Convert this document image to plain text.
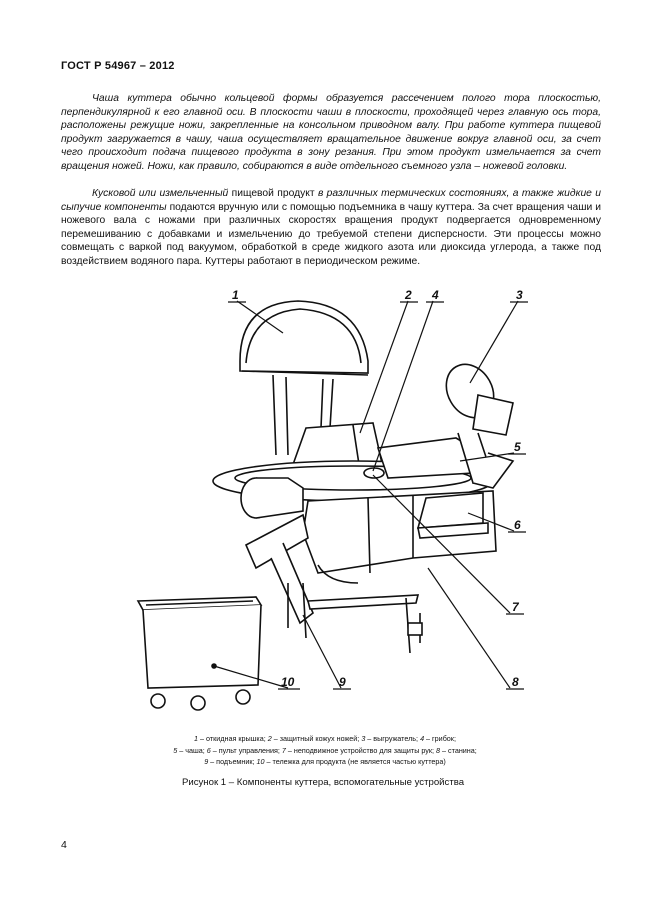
ГОСТ Р 54967 – 2012
Чаша куттера обычно кольцевой формы образуется рассечением полого тора плоскостью, перпендикулярной к его главной оси. В плоскости чаши в плоскости, проходящей через главную ось тора, расположены режущие ножи, закрепленные на консольном приводном валу. При работе куттера пищевой продукт загружается в чашу, чаша осуществляет вращательное движение вокруг главной оси, за счет чего происходит подача пищевого продукта в зону резания. При этом продукт измельчается за счет вращения ножей. Ножи, как правило, собираются в виде отдельного съемного узла – ножевой головки.
Кусковой или измельченный пищевой продукт в различных термических состояниях, а также жидкие и сыпучие компоненты подаются вручную или с помощью подъемника в чашу куттера. За счет вращения чаши и ножевого вала с ножами при различных скоростях вращения продукт подвергается одновременному перемешиванию с добавками и измельчению до требуемой степени дисперсности. Эти процессы можно совмещать с варкой под вакуумом, обработкой в среде жидкого азота или диоксида углерода, а также под воздействием водяного пара. Куттеры работают в периодическом режиме.
1	2 4	3
5
6
7
8
9
10
1 – откидная крышка; 2 – защитный кожух ножей; 3 – выгружатель; 4 – грибок;
5 – чаша; 6 – пульт управления; 7 – неподвижное устройство для защиты рук; 8 – станина;
9 – подъемник; 10 – тележка для продукта (не является частью куттера)
Рисунок 1 – Компоненты куттера, вспомогательные устройства
4
